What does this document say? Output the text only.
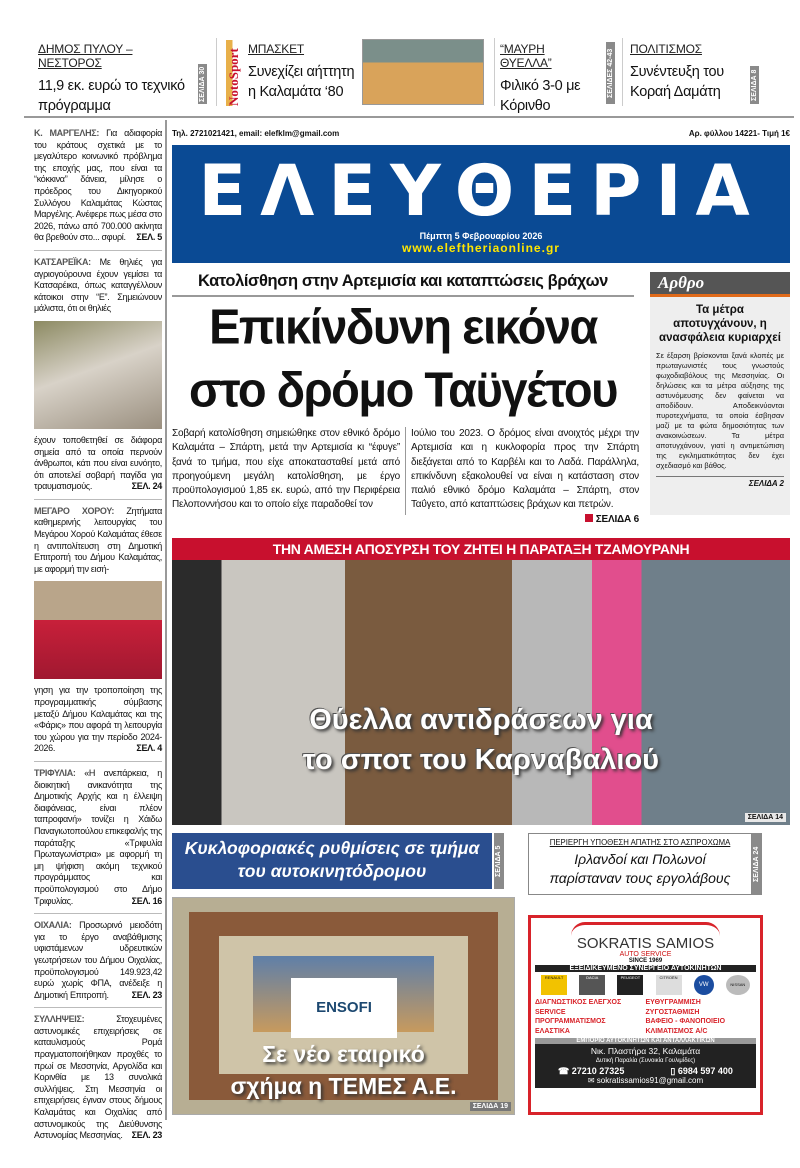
ΔΗΜΟΣ ΠΥΛΟΥ – ΝΕΣΤΟΡΟΣ
11,9 εκ. ευρώ το τεχνικό πρόγραμμα
ΣΕΛΙΔΑ 30 NotoSport ΜΠΑΣΚΕΤ
Συνεχίζει αήττητη η Καλαμάτα ‘80
“ΜΑΥΡΗ ΘΥΕΛΛΑ”
Φιλικό 3-0 με Κόρινθο
ΣΕΛΙΔΕΣ 42-43 ΠΟΛΙΤΙΣΜΟΣ
Συνέντευξη του Κοραή Δαμάτη	ΣΕΛΙΔΑ 8
Κ. ΜΑΡΓΕΛΗΣ: Για αδιαφορία του κράτους σχετικά με το μεγαλύτερο κοινωνικό πρόβλημα της εποχής μας, που είναι τα “κόκκινα” δάνεια, μίλησε ο πρόεδρος του Δικηγορικού Συλλόγου Καλαμάτας Κώστας Μαργέλης. Ανέφερε πως μέσα στο 2026, πάνω από 700.000 ακίνητα θα βρεθούν στο... σφυρί. ΣΕΛ. 5
ΚΑΤΣΑΡΕΪΚΑ: Με θηλιές για αγριογούρουνα έχουν γεμίσει τα Κατσαρέικα, όπως καταγγέλλουν κάτοικοι στην “Ε”. Σημειώνουν μάλιστα, ότι οι θηλιές
έχουν τοποθετηθεί σε διάφορα σημεία από τα οποία περνούν άνθρωποι, κάτι που είναι ευνόητο, ότι αποτελεί σοβαρή παγίδα για τραυματισμούς.	ΣΕΛ. 24
ΜΕΓΑΡΟ ΧΟΡΟΥ: Ζητήματα καθημερινής λειτουργίας του Μεγάρου Χορού Καλαμάτας έθεσε η αντιπολίτευση στη Δημοτική Επιτροπή του Δήμου Καλαμάτας, με αφορμή την εισή-
γηση για την τροποποίηση της προγραμματικής σύμβασης μεταξύ Δήμου Καλαμάτας και της «Φάρις» που αφορά τη λειτουργία του χώρου για την περίοδο 2024-2026.	ΣΕΛ. 4
ΤΡΙΦΥΛΙΑ: «Η ανεπάρκεια, η διοικητική ανικανότητα της Δημοτικής Αρχής και η έλλειψη διαφάνειας, είναι πλέον ταπροφανή» τονίζει η Χάιδω Παναγιωτοπούλου επικεφαλής της παράταξης «Τριφυλία Πρωταγωνίστρια» με αφορμή τη μη ψήφιση ακόμη τεχνικού προγράμματος και προϋπολογισμού στο Δήμο Τριφυλίας.	ΣΕΛ. 16
ΟΙΧΑΛΙΑ: Προσωρινό μειοδότη για το έργο αναβάθμισης υφιστάμενων υδρευτικών γεωτρήσεων του Δήμου Οιχαλίας, προϋπολογισμού 149.923,42 ευρώ χωρίς ΦΠΑ, ανέδειξε η Δημοτική Επιτροπή.	ΣΕΛ. 23
ΣΥΛΛΗΨΕΙΣ:	Στοχευμένες αστυνομικές επιχειρήσεις σε καταυλισμούς Ρομά πραγματοποιήθηκαν προχθές το πρωί σε Μεσσηνία, Αργολίδα και Κορινθία με 13 συνολικά συλλήψεις. Στη Μεσσηνία οι επιχειρήσεις έγιναν στους δήμους Καλαμάτας και Οιχαλίας από αστυνομικούς της Διεύθυνσης Αστυνομίας Μεσσηνίας. ΣΕΛ. 23
Τηλ. 2721021421, email: elefklm@gmail.com	Αρ. φύλλου 14221- Τιμή 1€
ΕΛΕΥΘΕΡΙΑ
Πέμπτη 5 Φεβρουαρίου 2026
www.eleftheriaonline.gr
Κατολίσθηση στην Αρτεμισία και καταπτώσεις βράχων
Επικίνδυνη εικόνα
στο δρόμο Ταϋγέτου
Σοβαρή κατολίσθηση σημειώθηκε στον εθνικό δρόμο Καλαμάτα – Σπάρτη, μετά την Αρτεμισία κι “έφυγε” ξανά το τμήμα, που είχε αποκατασταθεί μετά από προηγούμενη μεγάλη κατολίσθηση, με έργο προϋπολογισμού 1,85 εκ. ευρώ, από την Περιφέρεια Πελοποννήσου και το οποίο είχε παραδοθεί τον
Ιούλιο του 2023. Ο δρόμος είναι ανοιχτός μέχρι την Αρτεμισία και η κυκλοφορία προς την Σπάρτη διεξάγεται από το Καρβέλι και το Λαδά. Παράλληλα, επικίνδυνη εξακολουθεί να είναι η κατάσταση στον παλιό εθνικό δρόμο Καλαμάτα – Σπάρτη, στον Ταΰγετο, από καταπτώσεις βράχων και πετρών.
ΣΕΛΙΔΑ 6
Αρθρο
Τα μέτρα αποτυγχάνουν, η ανασφάλεια κυριαρχεί
Σε έξαρση βρίσκονται ξανά κλοπές με πρωταγωνιστές τους γνωστούς φωχοδιαβόλους της Μεσσηνίας. Οι δηλώσεις και τα μέτρα αύξησης της αστυνόμευσης δεν φαίνεται να αποδίδουν. Αποδεικνύονται πυροτεχνήματα, τα οποία έσβησαν μαζί με τα φώτα δημοσιότητας των ανακοινώσεων. Τα μέτρα αποτυγχάνουν, γιατί η αντιμετώπιση της εγκληματικότητας δεν έχει σχεδιασμό και βάθος.
ΣΕΛΙΔΑ 2
ΤΗΝ ΑΜΕΣΗ ΑΠΟΣΥΡΣΗ ΤΟΥ ΖΗΤΕΙ Η ΠΑΡΑΤΑΞΗ ΤΖΑΜΟΥΡΑΝΗ
Θύελλα αντιδράσεων για
το σποτ του Καρναβαλιού
ΣΕΛΙΔΑ 14
Κυκλοφοριακές ρυθμίσεις σε τμήμα του αυτοκινητόδρομου	ΣΕΛΙΔΑ 5
ΠΕΡΙΕΡΓΗ ΥΠΟΘΕΣΗ ΑΠΑΤΗΣ ΣΤΟ ΑΣΠΡΟΧΩΜΑ
Ιρλανδοί και Πολωνοί παρίσταναν τους εργολάβους	ΣΕΛΙΔΑ 24
ENSOFI
Σε νέο εταιρικό
σχήμα η ΤΕΜΕΣ Α.Ε.
ΣΕΛΙΔΑ 19
SOKRATIS SAMIOS
AUTO SERVICE
SINCE 1969
ΕΞΕΙΔΙΚΕΥΜΕΝΟ ΣΥΝΕΡΓΕΙΟ ΑΥΤΟΚΙΝΗΤΩΝ
RENAULT	DACIA	PEUGEOT	CITROËN
VW	NISSAN
ΔΙΑΓΝΩΣΤΙΚΟΣ ΕΛΕΓΧΟΣ
SERVICE
ΠΡΟΓΡΑΜΜΑΤΙΣΜΟΣ
ΕΛΑΣΤΙΚΑ
ΕΥΘΥΓΡΑΜΜΙΣΗ
ΖΥΓΟΣΤΑΘΜΙΣΗ
ΒΑΦΕΙΟ - ΦΑΝΟΠΟΙΕΙΟ
ΚΛΙΜΑΤΙΣΜΟΣ A/C
ΕΜΠΟΡΙΟ ΑΥΤΟΚΙΝΗΤΩΝ ΚΑΙ ΑΝΤΑΛΛΑΚΤΙΚΩΝ
Νικ. Πλαστήρα 32, Καλαμάτα
Δυτική Παραλία (Συνοικία Γουλιμίδες)
☎ 27210 27325	▯ 6984 597 400
✉ sokratissamios91@gmail.com
